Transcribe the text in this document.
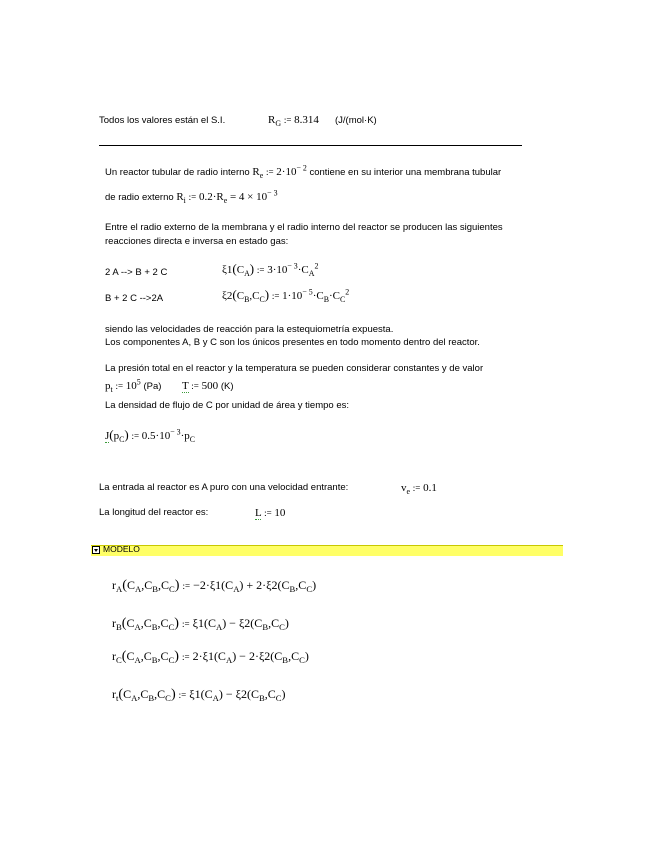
Todos los valores están el S.I.	$R_G$ := 8.314 (J/(mol·K)
Un reactor tubular de radio interno $R_e$ := $2\cdot 10^{- 2}$ contiene en su interior una membrana tubular
de radio externo $R_i$ := $0.2\cdot R_e = 4 \times 10^{- 3}$
Entre el radio externo de la membrana y el radio interno del reactor se producen las siguientes
reacciones directa e inversa en estado gas:
2 A --> B + 2 C	$\xi 1(C_A)$ := $3\cdot 10^{- 3}\cdot C_A^2$
B + 2 C -->2A	$\xi 2(C_B,C_C)$ := $1\cdot 10^{- 5}\cdot C_B\cdot C_C^2$
siendo las velocidades de reacción para la estequiometría expuesta.
Los componentes A, B y C son los únicos presentes en todo momento dentro del reactor.
La presión total en el reactor y la temperatura se pueden considerar constantes y de valor
$p_t$ := $10^5$ (Pa) T := 500 (K)
La densidad de flujo de C por unidad de área y tiempo es:
$J(p_C)$ := $0.5\cdot 10^{- 3}\cdot p_C$
La entrada al reactor es A puro con una velocidad entrante:	$v_e$ := 0.1
La longitud del reactor es:	L := 10
MODELO
$r_A(C_A,C_B,C_C)$ := $-2\cdot\xi 1(C_A) + 2\cdot\xi 2(C_B,C_C)$
$r_B(C_A,C_B,C_C)$ := $\xi 1(C_A) - \xi 2(C_B,C_C)$
$r_C(C_A,C_B,C_C)$ := $2\cdot\xi 1(C_A) - 2\cdot\xi 2(C_B,C_C)$
$r_t(C_A,C_B,C_C)$ := $\xi 1(C_A) - \xi 2(C_B,C_C)$
